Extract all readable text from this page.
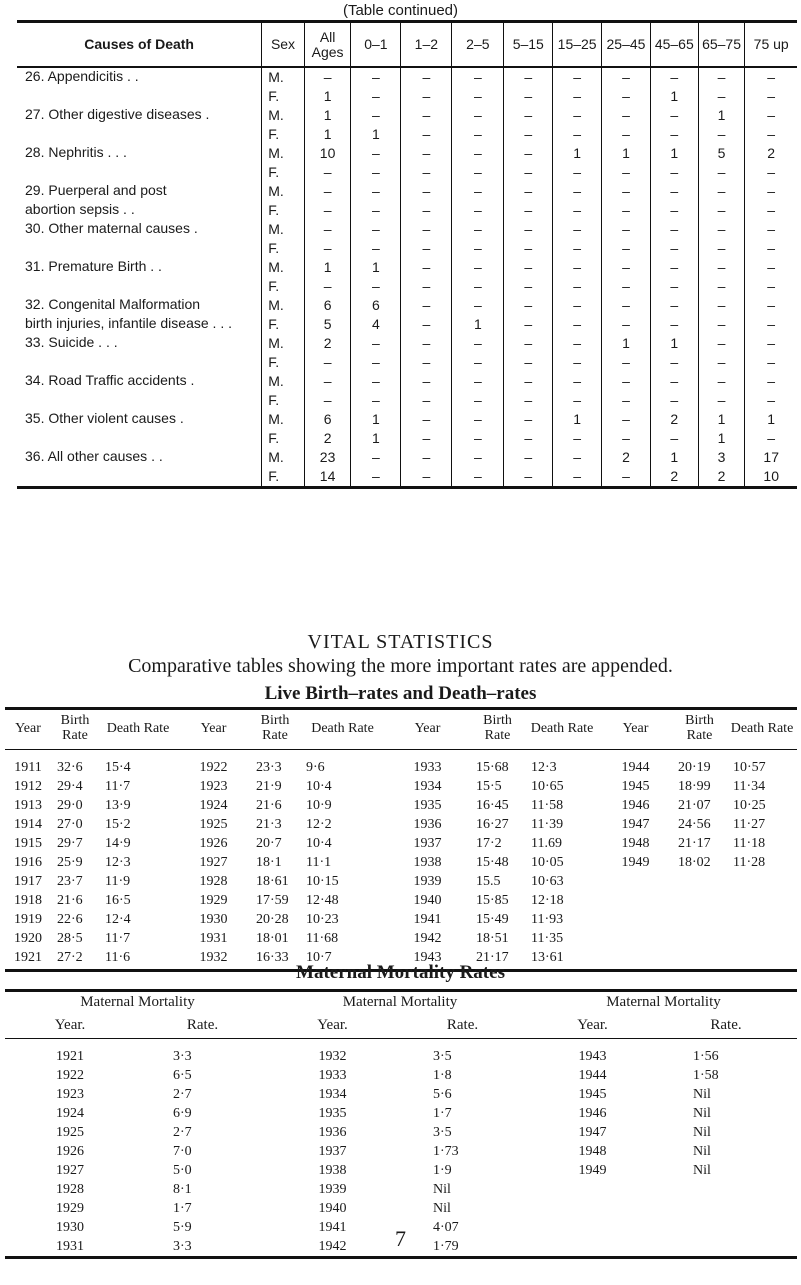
(Table continued)
Causes of Death	Sex	All Ages	0–1	1–2	2–5	5–15	15–25	25–45	45–65	65–75	75 up
26. Appendicitis . .	M.	–	–	–	–	–	–	–	–	–	–
	F.	1	–	–	–	–	–	–	1	–	–
27. Other digestive diseases .	M.	1	–	–	–	–	–	–	–	1	–
	F.	1	1	–	–	–	–	–	–	–	–
28. Nephritis . . .	M.	10	–	–	–	–	1	1	1	5	2
	F.	–	–	–	–	–	–	–	–	–	–
29. Puerperal and post	M.	–	–	–	–	–	–	–	–	–	–
abortion sepsis . .	F.	–	–	–	–	–	–	–	–	–	–
30. Other maternal causes .	M.	–	–	–	–	–	–	–	–	–	–
	F.	–	–	–	–	–	–	–	–	–	–
31. Premature Birth . .	M.	1	1	–	–	–	–	–	–	–	–
	F.	–	–	–	–	–	–	–	–	–	–
32. Congenital Malformation	M.	6	6	–	–	–	–	–	–	–	–
birth injuries, infantile disease . . .	F.	5	4	–	1	–	–	–	–	–	–
33. Suicide . . .	M.	2	–	–	–	–	–	1	1	–	–
	F.	–	–	–	–	–	–	–	–	–	–
34. Road Traffic accidents .	M.	–	–	–	–	–	–	–	–	–	–
	F.	–	–	–	–	–	–	–	–	–	–
35. Other violent causes .	M.	6	1	–	–	–	1	–	2	1	1
	F.	2	1	–	–	–	–	–	–	1	–
36. All other causes . .	M.	23	–	–	–	–	–	2	1	3	17
	F.	14	–	–	–	–	–	–	2	2	10
VITAL STATISTICS
Comparative tables showing the more important rates are appended.
Live Birth–rates and Death–rates
Year	Birth Rate	Death Rate	Year	Birth Rate	Death Rate	Year	Birth Rate	Death Rate	Year	Birth Rate	Death Rate
1911	32·6	15·4	1922	23·3	9·6	1933	15·68	12·3	1944	20·19	10·57
1912	29·4	11·7	1923	21·9	10·4	1934	15·5	10·65	1945	18·99	11·34
1913	29·0	13·9	1924	21·6	10·9	1935	16·45	11·58	1946	21·07	10·25
1914	27·0	15·2	1925	21·3	12·2	1936	16·27	11·39	1947	24·56	11·27
1915	29·7	14·9	1926	20·7	10·4	1937	17·2	11.69	1948	21·17	11·18
1916	25·9	12·3	1927	18·1	11·1	1938	15·48	10·05	1949	18·02	11·28
1917	23·7	11·9	1928	18·61	10·15	1939	15.5	10·63			
1918	21·6	16·5	1929	17·59	12·48	1940	15·85	12·18			
1919	22·6	12·4	1930	20·28	10·23	1941	15·49	11·93			
1920	28·5	11·7	1931	18·01	11·68	1942	18·51	11·35			
1921	27·2	11·6	1932	16·33	10·7	1943	21·17	13·61			
Maternal Mortality Rates
Maternal Mortality		Maternal Mortality		Maternal Mortality	
Year.	Rate.	Year.	Rate.	Year.	Rate.
1921	3·3	1932	3·5	1943	1·56
1922	6·5	1933	1·8	1944	1·58
1923	2·7	1934	5·6	1945	Nil
1924	6·9	1935	1·7	1946	Nil
1925	2·7	1936	3·5	1947	Nil
1926	7·0	1937	1·73	1948	Nil
1927	5·0	1938	1·9	1949	Nil
1928	8·1	1939	Nil		
1929	1·7	1940	Nil		
1930	5·9	1941	4·07		
1931	3·3	1942	1·79		
7
